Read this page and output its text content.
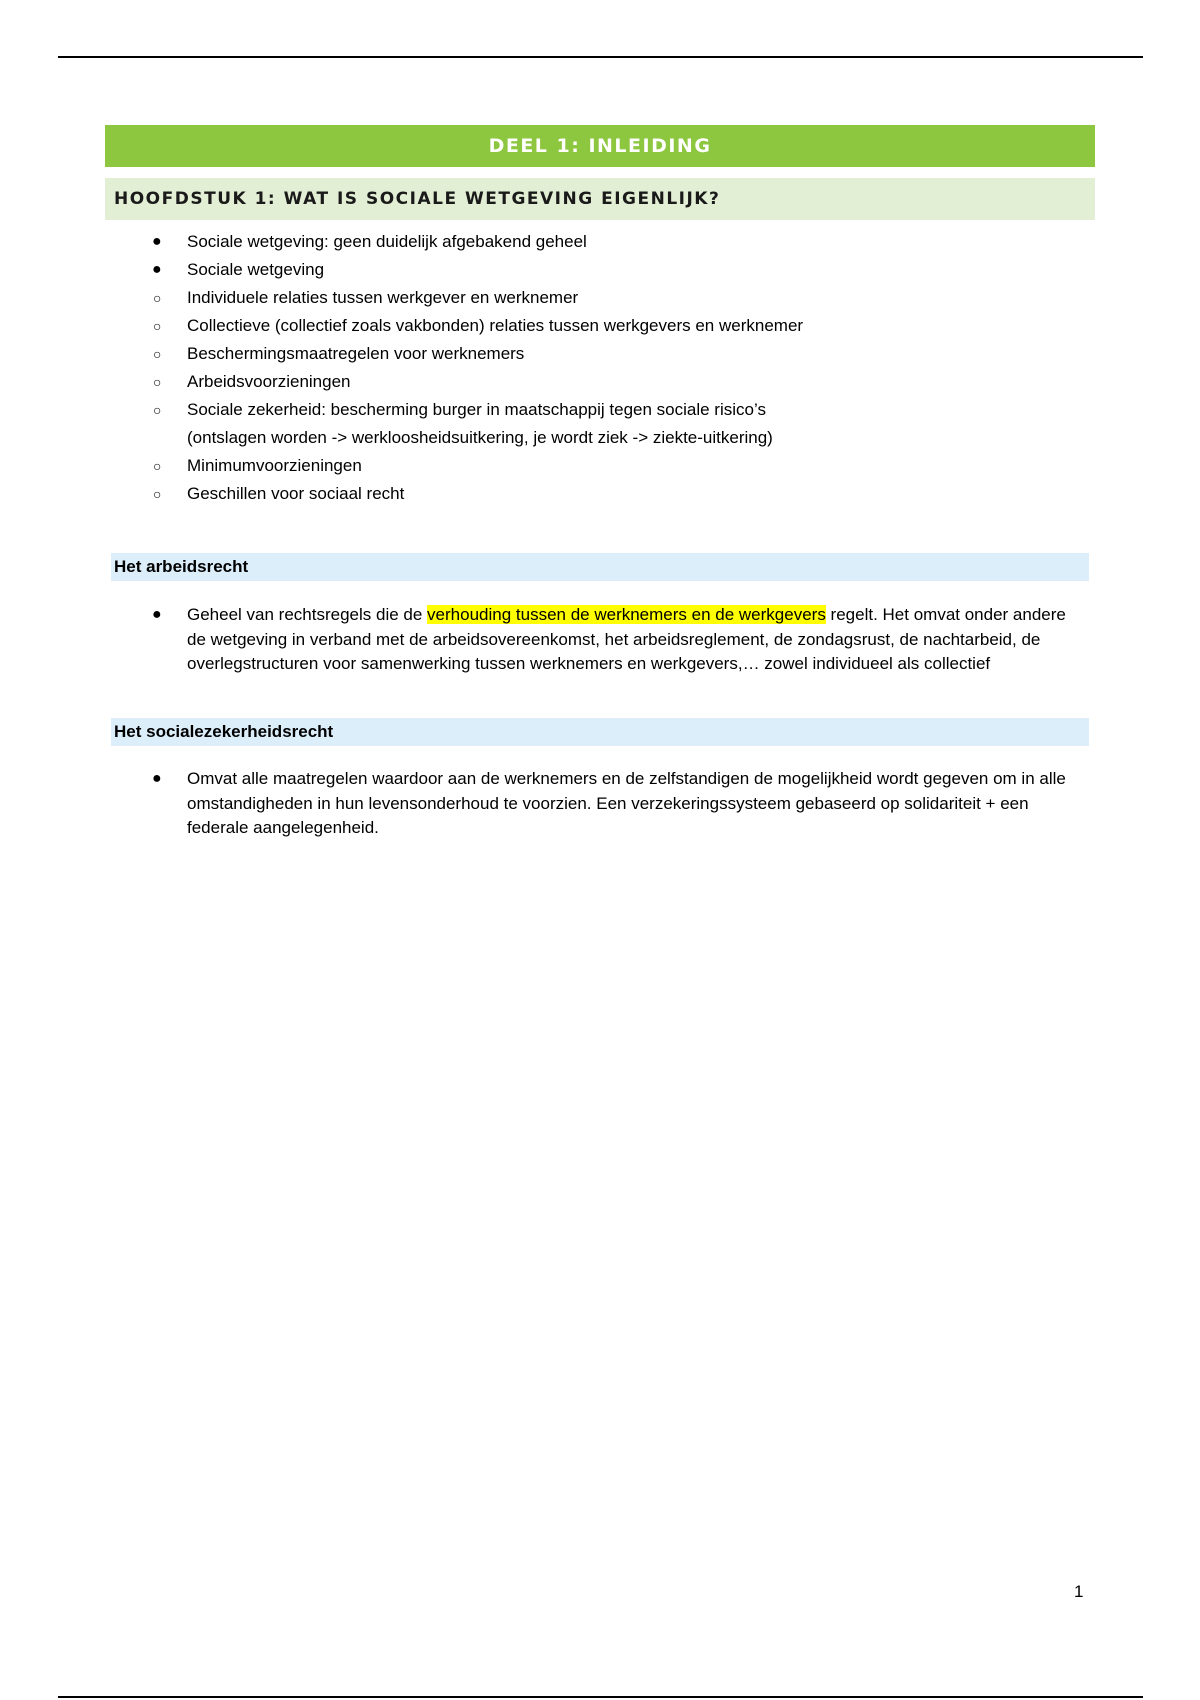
DEEL 1: INLEIDING
HOOFDSTUK 1: WAT IS SOCIALE WETGEVING EIGENLIJK?
● Sociale wetgeving: geen duidelijk afgebakend geheel
● Sociale wetgeving
○ Individuele relaties tussen werkgever en werknemer
○ Collectieve (collectief zoals vakbonden) relaties tussen werkgevers en werknemer
○ Beschermingsmaatregelen voor werknemers
○ Arbeidsvoorzieningen
○ Sociale zekerheid: bescherming burger in maatschappij tegen sociale risico’s
(ontslagen worden -> werkloosheidsuitkering, je wordt ziek -> ziekte-uitkering)
○ Minimumvoorzieningen
○ Geschillen voor sociaal recht
Het arbeidsrecht

● Geheel van rechtsregels die de verhouding tussen de werknemers en de werkgevers regelt. Het omvat onder andere de wetgeving in verband met de arbeidsovereenkomst, het arbeidsreglement, de zondagsrust, de nachtarbeid, de overlegstructuren voor samenwerking tussen werknemers en werkgevers,… zowel individueel als collectief

Het socialezekerheidsrecht

● Omvat alle maatregelen waardoor aan de werknemers en de zelfstandigen de mogelijkheid wordt gegeven om in alle omstandigheden in hun levensonderhoud te voorzien. Een verzekeringssysteem gebaseerd op solidariteit + een federale aangelegenheid.

1
